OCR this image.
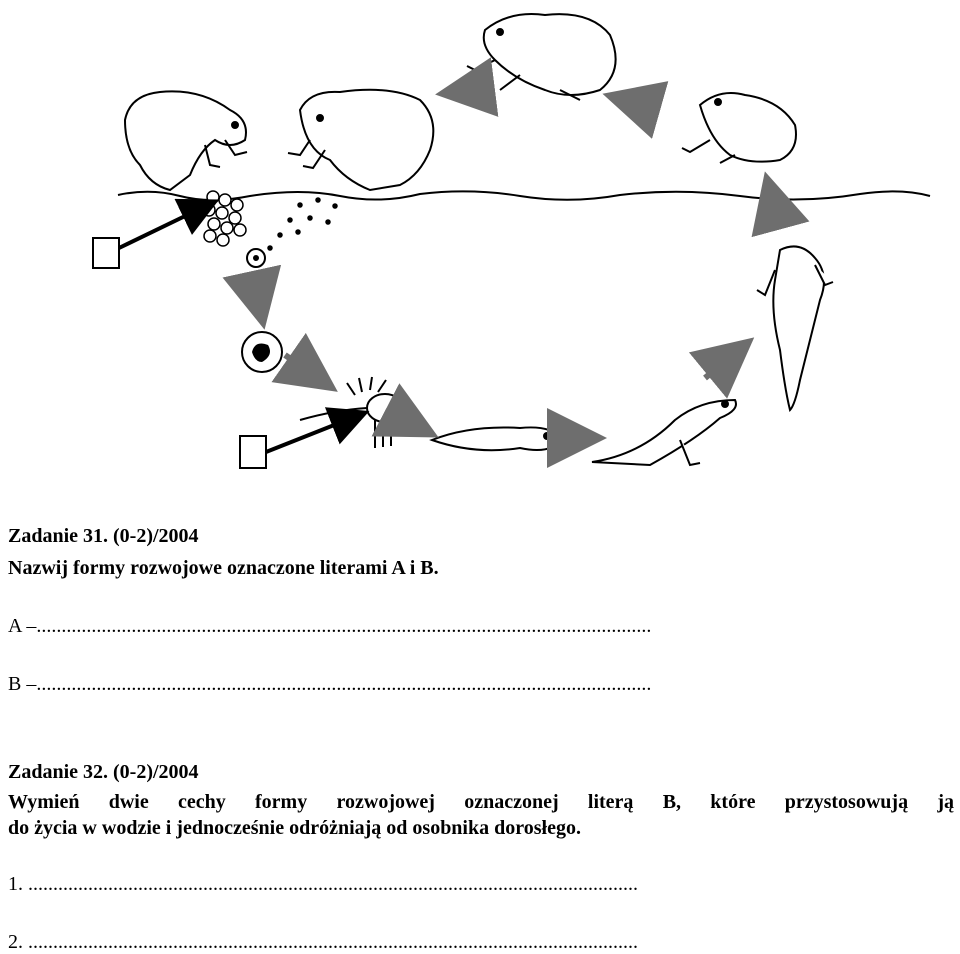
Zadanie 31. (0-2)/2004
Nazwij formy rozwojowe oznaczone literami A i B.
A –...........................................................................................................................
B –...........................................................................................................................
Zadanie 32. (0-2)/2004
Wymień dwie cechy formy rozwojowej oznaczonej literą B, które przystosowują ją
do życia w wodzie i jednocześnie odróżniają od osobnika dorosłego.
1. ..........................................................................................................................
2. ..........................................................................................................................
